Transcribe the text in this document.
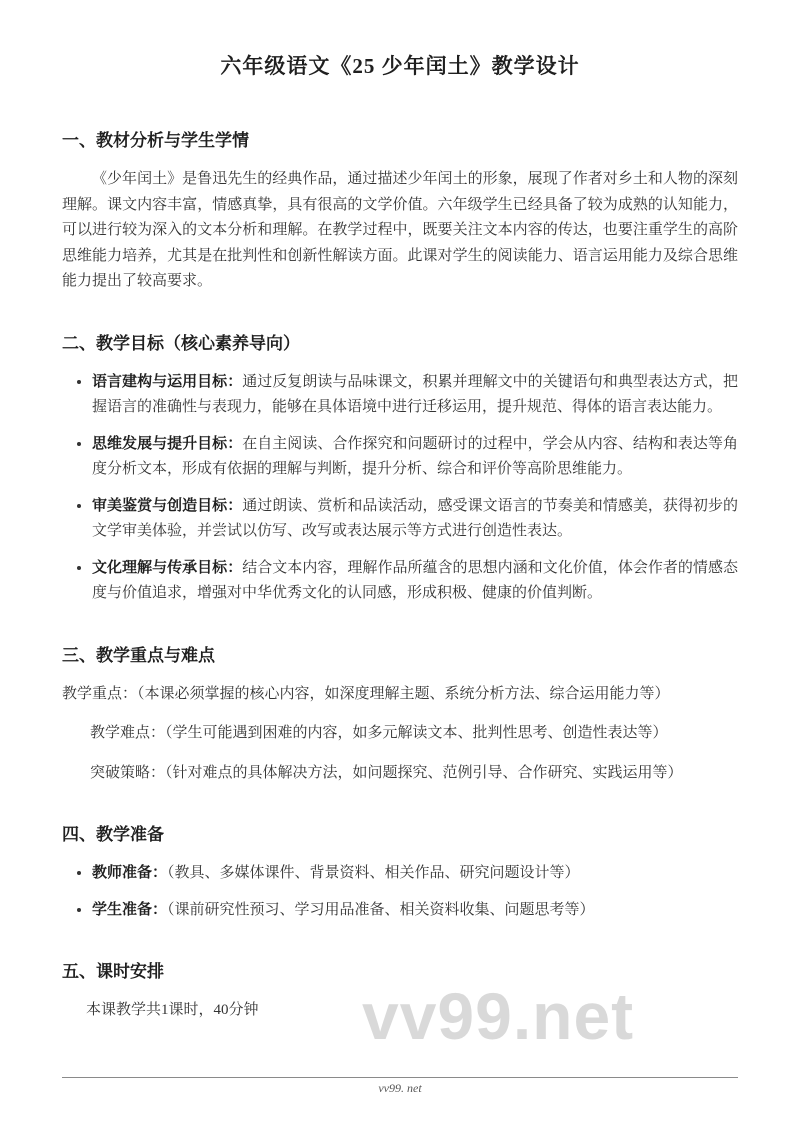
六年级语文《25 少年闰土》教学设计
一、教材分析与学生学情

《少年闰土》是鲁迅先生的经典作品，通过描述少年闰土的形象，展现了作者对乡土和人物的深刻理解。课文内容丰富，情感真挚，具有很高的文学价值。六年级学生已经具备了较为成熟的认知能力，可以进行较为深入的文本分析和理解。在教学过程中，既要关注文本内容的传达，也要注重学生的高阶思维能力培养，尤其是在批判性和创新性解读方面。此课对学生的阅读能力、语言运用能力及综合思维能力提出了较高要求。

二、教学目标（核心素养导向）
• 语言建构与运用目标：通过反复朗读与品味课文，积累并理解文中的关键语句和典型表达方式，把握语言的准确性与表现力，能够在具体语境中进行迁移运用，提升规范、得体的语言表达能力。
• 思维发展与提升目标：在自主阅读、合作探究和问题研讨的过程中，学会从内容、结构和表达等角度分析文本，形成有依据的理解与判断，提升分析、综合和评价等高阶思维能力。
• 审美鉴赏与创造目标：通过朗读、赏析和品读活动，感受课文语言的节奏美和情感美，获得初步的文学审美体验，并尝试以仿写、改写或表达展示等方式进行创造性表达。
• 文化理解与传承目标：结合文本内容，理解作品所蕴含的思想内涵和文化价值，体会作者的情感态度与价值追求，增强对中华优秀文化的认同感，形成积极、健康的价值判断。
三、教学重点与难点

教学重点：（本课必须掌握的核心内容，如深度理解主题、系统分析方法、综合运用能力等）

教学难点：（学生可能遇到困难的内容，如多元解读文本、批判性思考、创造性表达等）

突破策略：（针对难点的具体解决方法，如问题探究、范例引导、合作研究、实践运用等）

四、教学准备
• 教师准备：（教具、多媒体课件、背景资料、相关作品、研究问题设计等）
• 学生准备：（课前研究性预习、学习用品准备、相关资料收集、问题思考等）
五、课时安排

本课教学共1课时，40分钟	vv99.net
vv99. net
